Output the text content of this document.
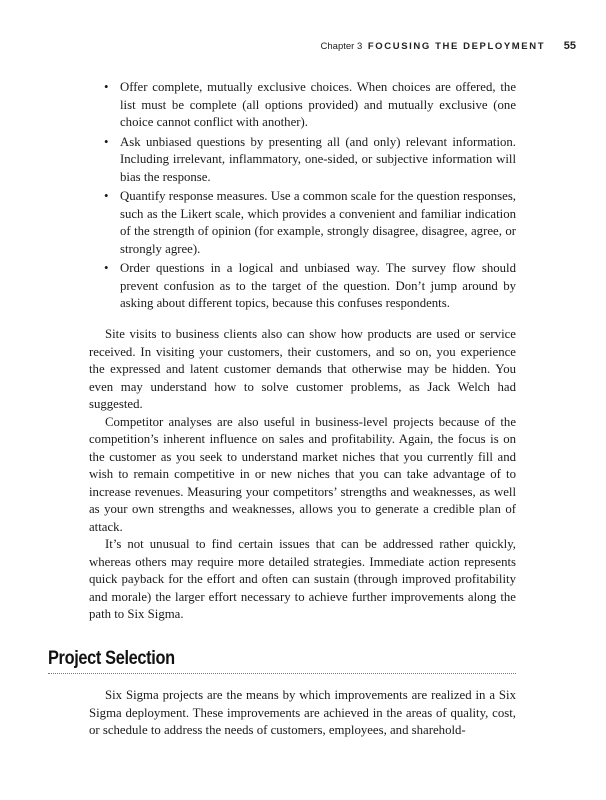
Chapter 3 FOCUSING THE DEPLOYMENT 55
• Offer complete, mutually exclusive choices. When choices are offered, the list must be complete (all options provided) and mutually exclusive (one choice cannot conflict with another).
• Ask unbiased questions by presenting all (and only) relevant information. Including irrelevant, inflammatory, one-sided, or subjective information will bias the response.
• Quantify response measures. Use a common scale for the question responses, such as the Likert scale, which provides a convenient and familiar indication of the strength of opinion (for example, strongly disagree, disagree, agree, or strongly agree).
• Order questions in a logical and unbiased way. The survey flow should prevent confusion as to the target of the question. Don’t jump around by asking about different topics, because this confuses respondents.

Site visits to business clients also can show how products are used or service received. In visiting your customers, their customers, and so on, you experience the expressed and latent customer demands that otherwise may be hidden. You even may understand how to solve customer problems, as Jack Welch had suggested.

Competitor analyses are also useful in business-level projects because of the competition’s inherent influence on sales and profitability. Again, the focus is on the customer as you seek to understand market niches that you currently fill and wish to remain competitive in or new niches that you can take advantage of to increase revenues. Measuring your competitors’ strengths and weaknesses, as well as your own strengths and weaknesses, allows you to generate a credible plan of attack.

It’s not unusual to find certain issues that can be addressed rather quickly, whereas others may require more detailed strategies. Immediate action represents quick payback for the effort and often can sustain (through improved profitability and morale) the larger effort necessary to achieve further improvements along the path to Six Sigma.

Project Selection

Six Sigma projects are the means by which improvements are realized in a Six Sigma deployment. These improvements are achieved in the areas of quality, cost, or schedule to address the needs of customers, employees, and sharehold-
